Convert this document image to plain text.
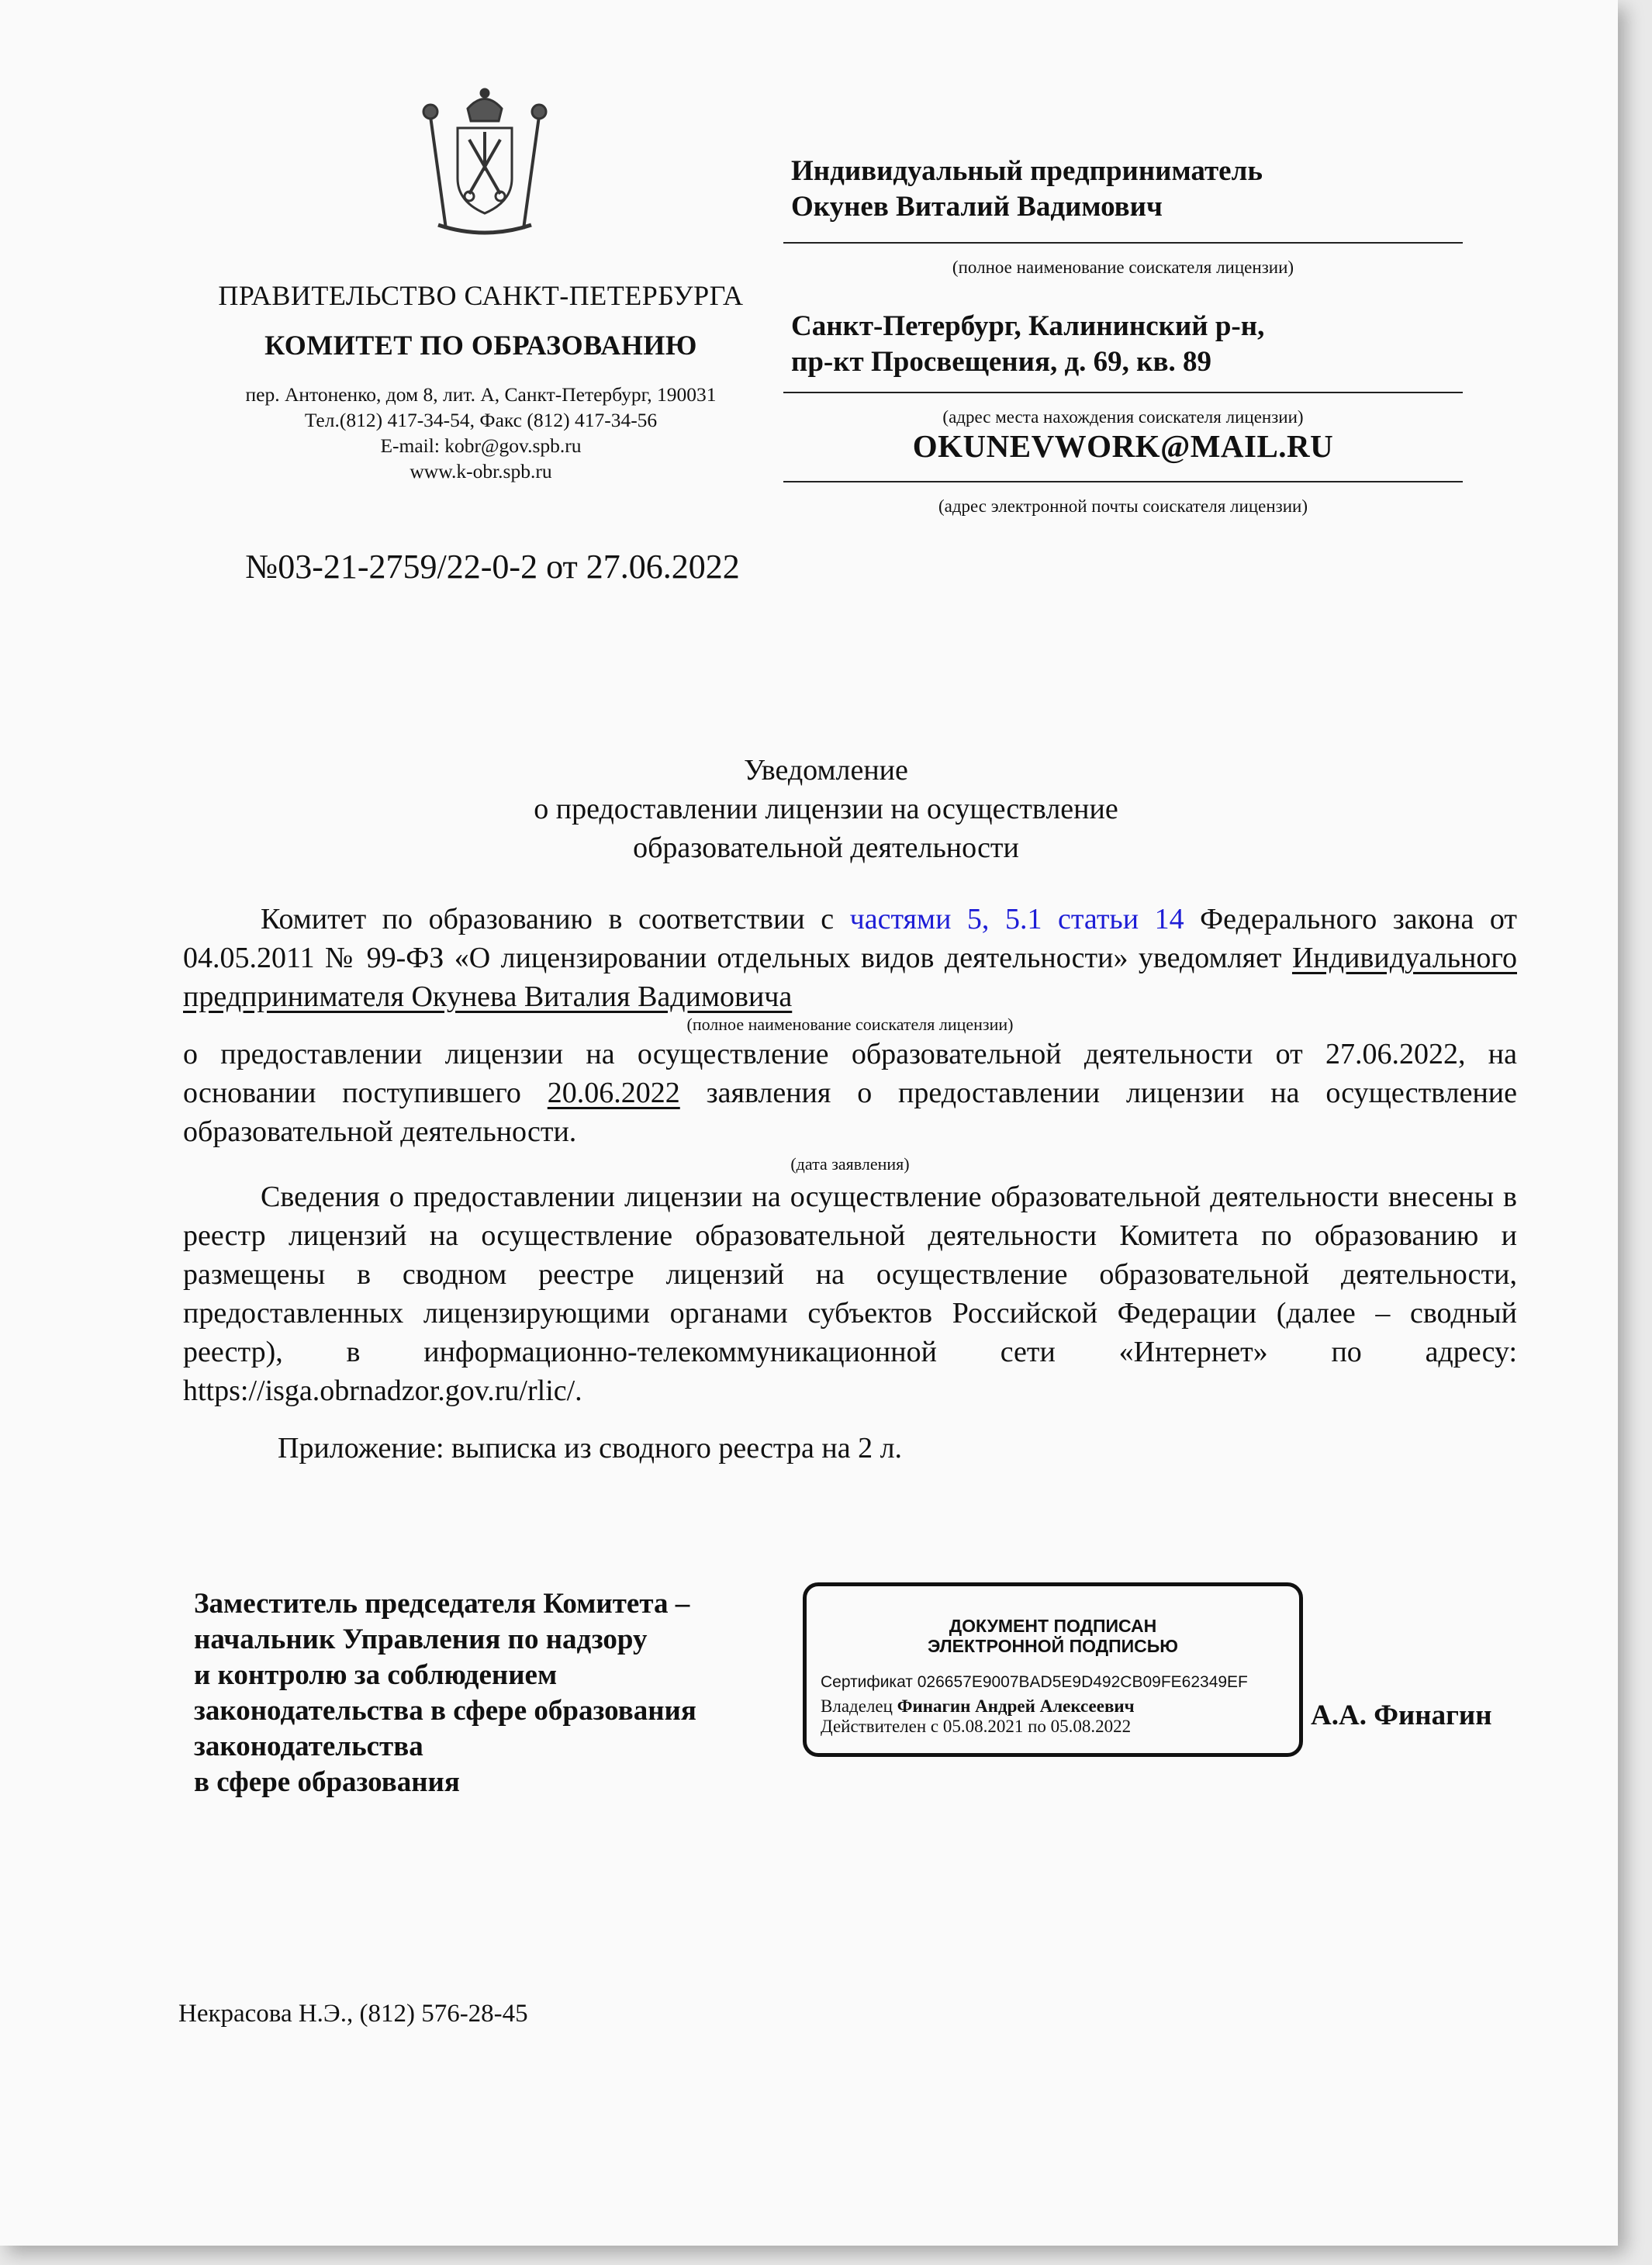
ПРАВИТЕЛЬСТВО САНКТ-ПЕТЕРБУРГА
КОМИТЕТ ПО ОБРАЗОВАНИЮ
пер. Антоненко, дом 8, лит. А, Санкт-Петербург, 190031
Тел.(812) 417-34-54, Факс (812) 417-34-56
E-mail: kobr@gov.spb.ru
www.k-obr.spb.ru
№03-21-2759/22-0-2 от 27.06.2022
Индивидуальный предприниматель
Окунев Виталий Вадимович
(полное наименование соискателя лицензии)
Санкт-Петербург, Калининский р-н,
пр-кт Просвещения, д. 69, кв. 89
(адрес места нахождения соискателя лицензии)
OKUNEVWORK@MAIL.RU
(адрес электронной почты соискателя лицензии)
Уведомление
о предоставлении лицензии на осуществление
образовательной деятельности
Комитет по образованию в соответствии с частями 5, 5.1 статьи 14 Федерального закона от 04.05.2011 № 99-ФЗ «О лицензировании отдельных видов деятельности» уведомляет Индивидуального предпринимателя Окунева Виталия Вадимовича
(полное наименование соискателя лицензии)
о предоставлении лицензии на осуществление образовательной деятельности от 27.06.2022, на основании поступившего 20.06.2022 заявления о предоставлении лицензии на осуществление образовательной деятельности.
(дата заявления)
Сведения о предоставлении лицензии на осуществление образовательной деятельности внесены в реестр лицензий на осуществление образовательной деятельности Комитета по образованию и размещены в сводном реестре лицензий на осуществление образовательной деятельности, предоставленных лицензирующими органами субъектов Российской Федерации (далее – сводный реестр), в информационно-телекоммуникационной сети «Интернет» по адресу: https://isga.obrnadzor.gov.ru/rlic/.
Приложение: выписка из сводного реестра на 2 л.
Заместитель председателя Комитета –
начальник Управления по надзору
и контролю за соблюдением
законодательства в сфере образования
законодательства
в сфере образования
ДОКУМЕНТ ПОДПИСАН
ЭЛЕКТРОННОЙ ПОДПИСЬЮ
Сертификат 026657E9007BAD5E9D492CB09FE62349EF
Владелец Финагин Андрей Алексеевич
Действителен с 05.08.2021 по 05.08.2022	А.А. Финагин
Некрасова Н.Э., (812) 576-28-45
